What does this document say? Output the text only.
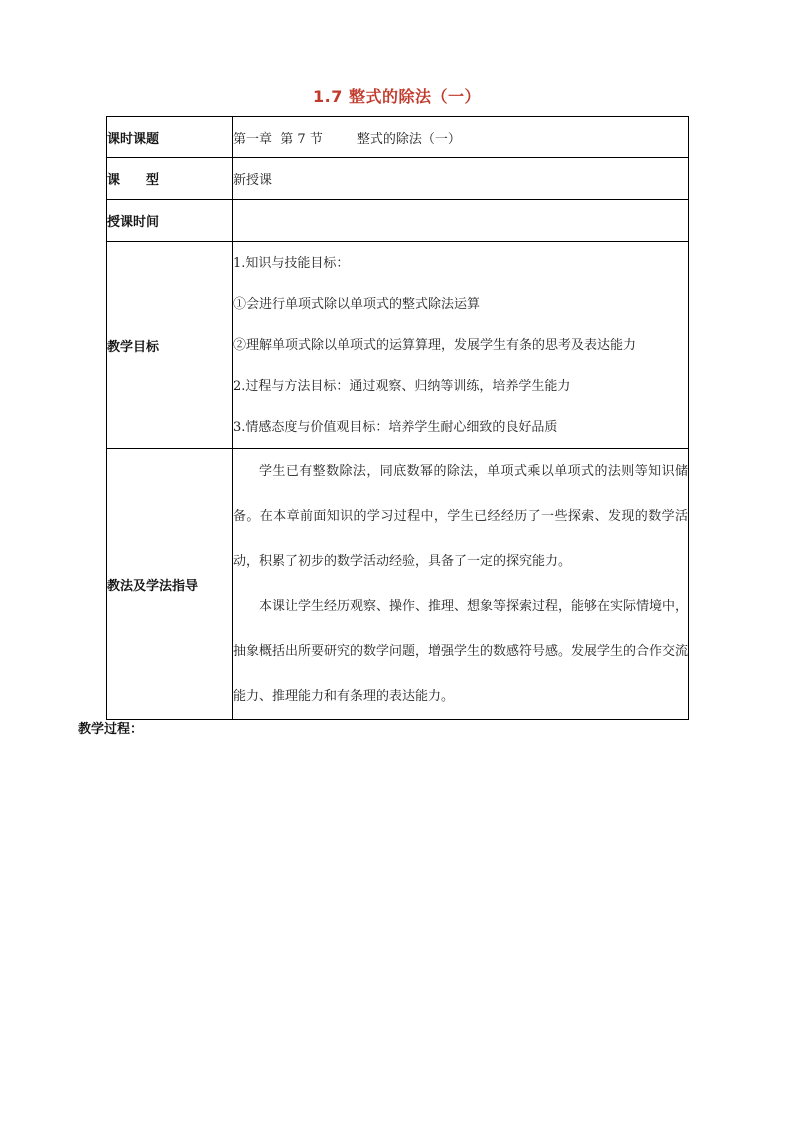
1.7 整式的除法（一）
课时课题	第一章 第 7 节 整式的除法（一）
课　　型	新授课
授课时间	
教学目标	1.知识与技能目标：
①会进行单项式除以单项式的整式除法运算
②理解单项式除以单项式的运算算理，发展学生有条的思考及表达能力
2.过程与方法目标：通过观察、归纳等训练，培养学生能力
3.情感态度与价值观目标：培养学生耐心细致的良好品质

教法及学法指导	学生已有整数除法，同底数幂的除法，单项式乘以单项式的法则等知识储备。在本章前面知识的学习过程中，学生已经经历了一些探索、发现的数学活动，积累了初步的数学活动经验，具备了一定的探究能力。

本课让学生经历观察、操作、推理、想象等探索过程，能够在实际情境中，抽象概括出所要研究的数学问题，增强学生的数感符号感。发展学生的合作交流能力、推理能力和有条理的表达能力。

教学过程：
